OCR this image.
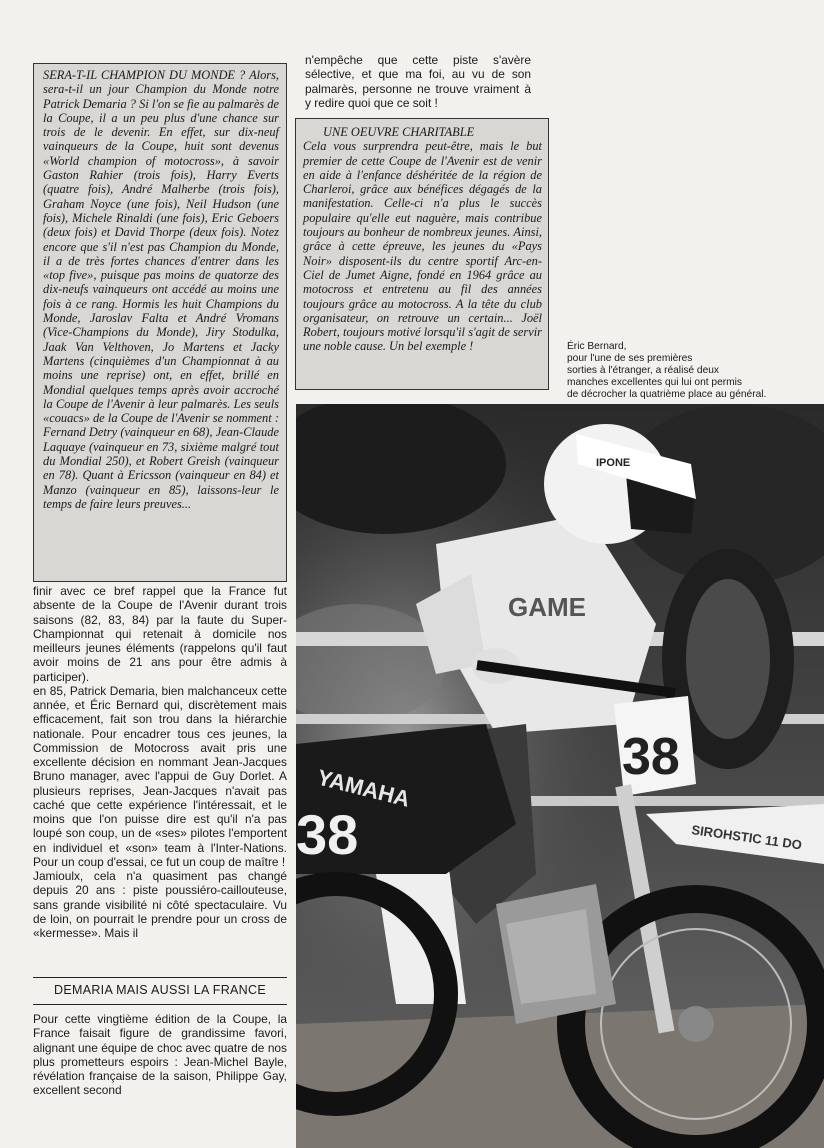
SERA-T-IL CHAMPION DU MONDE ? Alors, sera-t-il un jour Champion du Monde notre Patrick Demaria ? Si l'on se fie au palmarès de la Coupe, il a un peu plus d'une chance sur trois de le devenir. En effet, sur dix-neuf vainqueurs de la Coupe, huit sont devenus «World champion of motocross», à savoir Gaston Rahier (trois fois), Harry Everts (quatre fois), André Malherbe (trois fois), Graham Noyce (une fois), Neil Hudson (une fois), Michele Rinaldi (une fois), Eric Geboers (deux fois) et David Thorpe (deux fois). Notez encore que s'il n'est pas Champion du Monde, il a de très fortes chances d'entrer dans les «top five», puisque pas moins de quatorze des dix-neufs vainqueurs ont accédé au moins une fois à ce rang. Hormis les huit Champions du Monde, Jaroslav Falta et André Vromans (Vice-Champions du Monde), Jiry Stodulka, Jaak Van Velthoven, Jo Martens et Jacky Martens (cinquièmes d'un Championnat à au moins une reprise) ont, en effet, brillé en Mondial quelques temps après avoir accroché la Coupe de l'Avenir à leur palmarès. Les seuls «couacs» de la Coupe de l'Avenir se nomment : Fernand Detry (vainqueur en 68), Jean-Claude Laquaye (vainqueur en 73, sixième malgré tout du Mondial 250), et Robert Greish (vainqueur en 78). Quant à Ericsson (vainqueur en 84) et Manzo (vainqueur en 85), laissons-leur le temps de faire leurs preuves...

finir avec ce bref rappel que la France fut absente de la Coupe de l'Avenir durant trois saisons (82, 83, 84) par la faute du Super-Championnat qui retenait à domicile nos meilleurs jeunes éléments (rappelons qu'il faut avoir moins de 21 ans pour être admis à participer).

en 85, Patrick Demaria, bien malchanceux cette année, et Éric Bernard qui, discrètement mais efficacement, fait son trou dans la hiérarchie nationale. Pour encadrer tous ces jeunes, la Commission de Motocross avait pris une excellente décision en nommant Jean-Jacques Bruno manager, avec l'appui de Guy Dorlet. A plusieurs reprises, Jean-Jacques n'avait pas caché que cette expérience l'intéressait, et le moins que l'on puisse dire est qu'il n'a pas loupé son coup, un de «ses» pilotes l'emportent en individuel et «son» team à l'Inter-Nations. Pour un coup d'essai, ce fut un coup de maître !

Jamioulx, cela n'a quasiment pas changé depuis 20 ans : piste poussiéro-caillouteuse, sans grande visibilité ni côté spectaculaire. Vu de loin, on pourrait le prendre pour un cross de «kermesse». Mais il

DEMARIA MAIS AUSSI LA FRANCE

Pour cette vingtième édition de la Coupe, la France faisait figure de grandissime favori, alignant une équipe de choc avec quatre de nos plus prometteurs espoirs : Jean-Michel Bayle, révélation française de la saison, Philippe Gay, excellent second

n'empêche que cette piste s'avère sélective, et que ma foi, au vu de son palmarès, personne ne trouve vraiment à y redire quoi que ce soit !

UNE OEUVRE CHARITABLE
Cela vous surprendra peut-être, mais le but premier de cette Coupe de l'Avenir est de venir en aide à l'enfance déshéritée de la région de Charleroi, grâce aux bénéfices dégagés de la manifestation. Celle-ci n'a plus le succès populaire qu'elle eut naguère, mais contribue toujours au bonheur de nombreux jeunes. Ainsi, grâce à cette épreuve, les jeunes du «Pays Noir» disposent-ils du centre sportif Arc-en-Ciel de Jumet Aigne, fondé en 1964 grâce au motocross et entretenu au fil des années toujours grâce au motocross. A la tête du club organisateur, on retrouve un certain... Joël Robert, toujours motivé lorsqu'il s'agit de servir une noble cause. Un bel exemple !	Éric Bernard,
pour l'une de ses premières
sorties à l'étranger, a réalisé deux
manches excellentes qui lui ont permis
de décrocher la quatrième place au général.
GAME
IPONE
YAMAHA
38
38
SIROHSTIC 11 DO
